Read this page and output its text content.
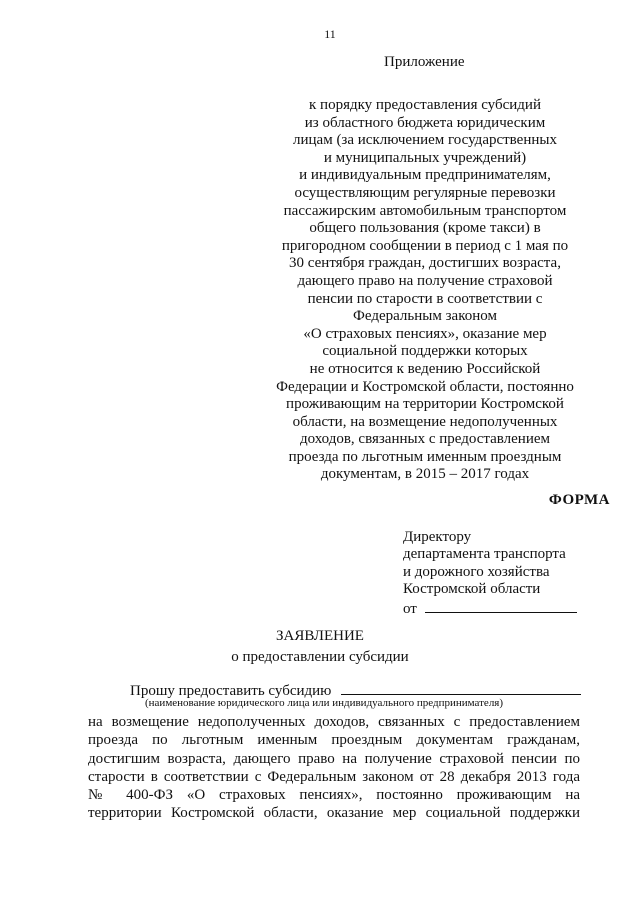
11
Приложение
к порядку предоставления субсидий
из областного бюджета юридическим
лицам (за исключением государственных
и муниципальных учреждений)
и индивидуальным предпринимателям,
осуществляющим регулярные перевозки
пассажирским автомобильным транспортом
общего пользования (кроме такси) в
пригородном сообщении в период с 1 мая по
30 сентября граждан, достигших возраста,
дающего право на получение страховой
пенсии по старости в соответствии с
Федеральным законом
«О страховых пенсиях», оказание мер
социальной поддержки которых
не относится к ведению Российской
Федерации и Костромской области, постоянно
проживающим на территории Костромской
области, на возмещение недополученных
доходов, связанных с предоставлением
проезда по льготным именным проездным
документам, в 2015 – 2017 годах
ФОРМА
Директору
департамента транспорта
и дорожного хозяйства
Костромской области
от
ЗАЯВЛЕНИЕ
о предоставлении субсидии
Прошу предоставить субсидию
(наименование юридического лица или индивидуального предпринимателя)
на возмещение недополученных доходов, связанных с предоставлением
проезда по льготным именным проездным документам гражданам,
достигшим возраста, дающего право на получение страховой пенсии по
старости в соответствии с Федеральным законом от 28 декабря 2013 года
№ 400-ФЗ «О страховых пенсиях», постоянно проживающим на
территории Костромской области, оказание мер социальной поддержки
